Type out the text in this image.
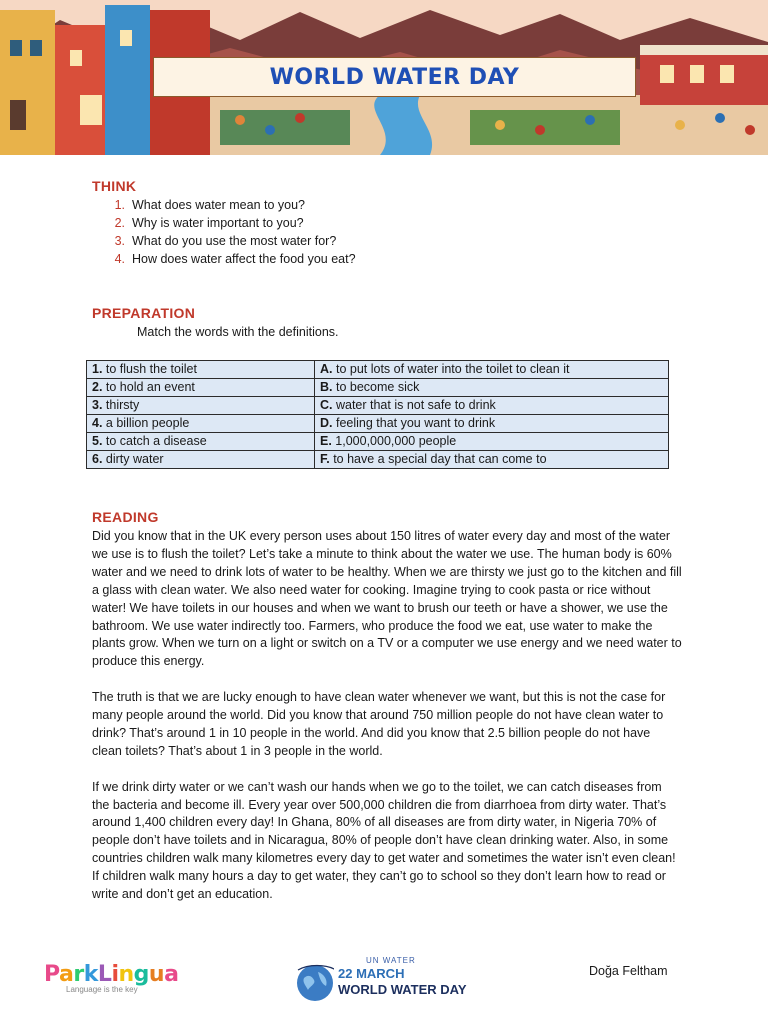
WORLD WATER DAY
THINK
1. What does water mean to you?
2. Why is water important to you?
3. What do you use the most water for?
4. How does water affect the food you eat?
PREPARATION
Match the words with the definitions.
1. to flush the toilet	A. to put lots of water into the toilet to clean it
2. to hold an event	B. to become sick
3. thirsty	C. water that is not safe to drink
4. a billion people	D. feeling that you want to drink
5. to catch a disease	E. 1,000,000,000 people
6. dirty water	F. to have a special day that can come to
READING

Did you know that in the UK every person uses about 150 litres of water every day and most of the water we use is to flush the toilet? Let’s take a minute to think about the water we use. The human body is 60% water and we need to drink lots of water to be healthy. When we are thirsty we just go to the kitchen and fill a glass with clean water. We also need water for cooking. Imagine trying to cook pasta or rice without water! We have toilets in our houses and when we want to brush our teeth or have a shower, we use the bathroom. We use water indirectly too. Farmers, who produce the food we eat, use water to make the plants grow. When we turn on a light or switch on a TV or a computer we use energy and we need water to produce this energy.

The truth is that we are lucky enough to have clean water whenever we want, but this is not the case for many people around the world. Did you know that around 750 million people do not have clean water to drink? That’s around 1 in 10 people in the world. And did you know that 2.5 billion people do not have clean toilets? That’s about 1 in 3 people in the world.

If we drink dirty water or we can’t wash our hands when we go to the toilet, we can catch diseases from the bacteria and become ill. Every year over 500,000 children die from diarrhoea from dirty water. That’s around 1,400 children every day! In Ghana, 80% of all diseases are from dirty water, in Nigeria 70% of people don’t have toilets and in Nicaragua, 80% of people don’t have clean drinking water. Also, in some countries children walk many kilometres every day to get water and sometimes the water isn’t even clean! If children walk many hours a day to get water, they can’t go to school so they don’t learn how to read or write and don’t get an education.

ParkLingua
Language is the key
UN WATER
22 MARCH
WORLD WATER DAY
Doğa Feltham
